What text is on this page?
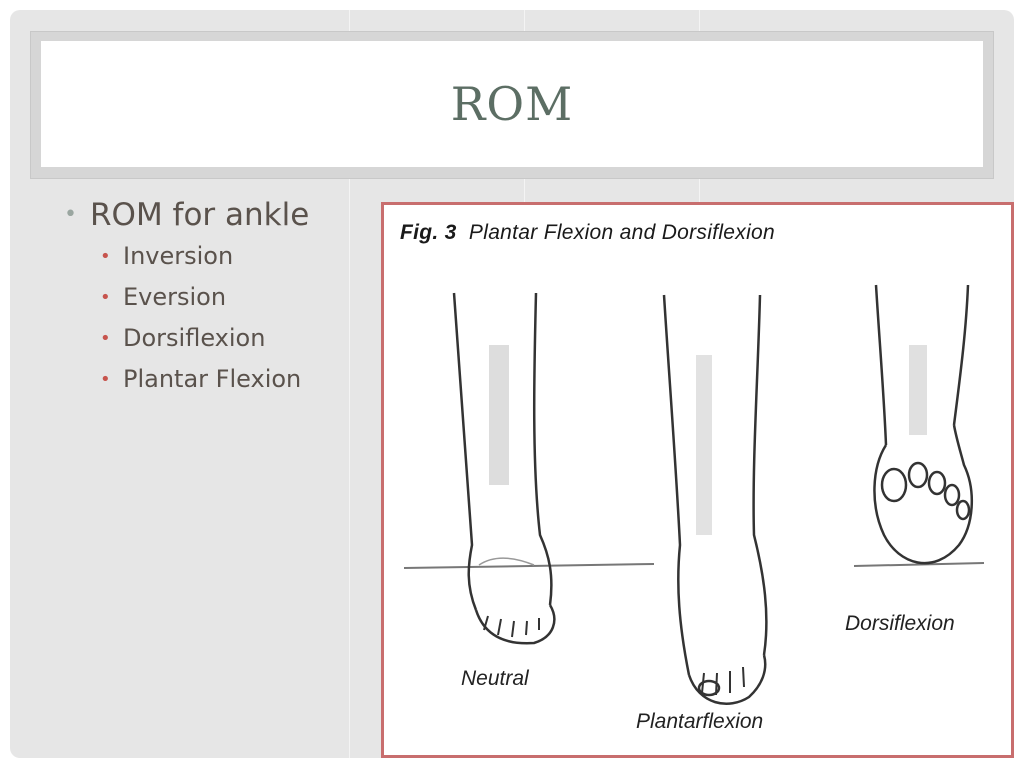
ROM
• ROM for ankle
• Inversion
• Eversion
• Dorsiflexion
• Plantar Flexion
Fig. 3 Plantar Flexion and Dorsiflexion
Neutral
Plantarflexion
Dorsiflexion
